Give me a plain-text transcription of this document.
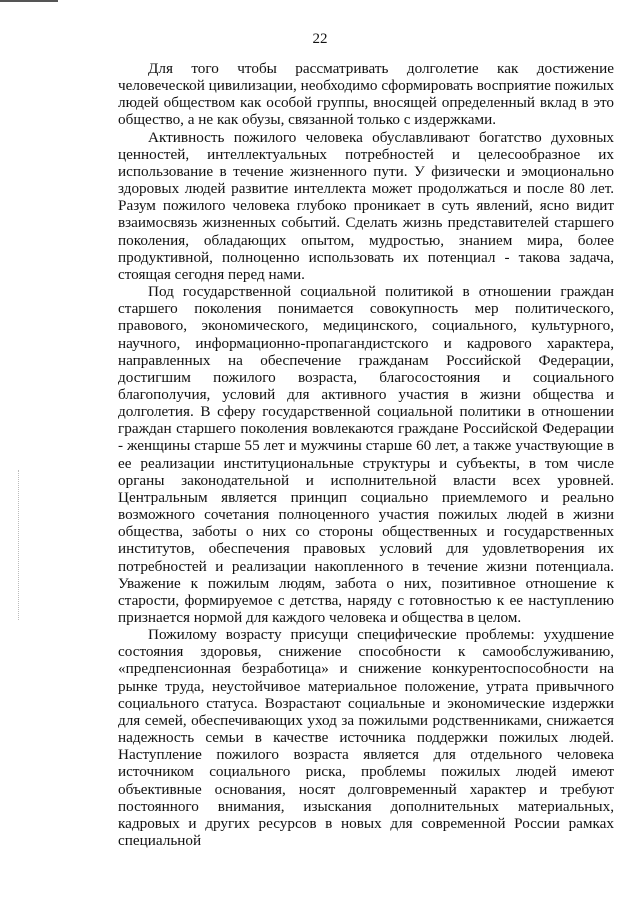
22

Для того чтобы рассматривать долголетие как достижение человеческой цивилизации, необходимо сформировать восприятие пожилых людей обществом как особой группы, вносящей определенный вклад в это общество, а не как обузы, связанной только с издержками.

Активность пожилого человека обуславливают богатство духовных ценностей, интеллектуальных потребностей и целесообразное их использование в течение жизненного пути. У физически и эмоционально здоровых людей развитие интеллекта может продолжаться и после 80 лет. Разум пожилого человека глубоко проникает в суть явлений, ясно видит взаимосвязь жизненных событий. Сделать жизнь представителей старшего поколения, обладающих опытом, мудростью, знанием мира, более продуктивной, полноценно использовать их потенциал - такова задача, стоящая сегодня перед нами.

Под государственной социальной политикой в отношении граждан старшего поколения понимается совокупность мер политического, правового, экономического, медицинского, социального, культурного, научного, информационно-пропагандистского и кадрового характера, направленных на обеспечение гражданам Российской Федерации, достигшим пожилого возраста, благосостояния и социального благополучия, условий для активного участия в жизни общества и долголетия. В сферу государственной социальной политики в отношении граждан старшего поколения вовлекаются граждане Российской Федерации - женщины старше 55 лет и мужчины старше 60 лет, а также участвующие в ее реализации институциональные структуры и субъекты, в том числе органы законодательной и исполнительной власти всех уровней. Центральным является принцип социально приемлемого и реально возможного сочетания полноценного участия пожилых людей в жизни общества, заботы о них со стороны общественных и государственных институтов, обеспечения правовых условий для удовлетворения их потребностей и реализации накопленного в течение жизни потенциала. Уважение к пожилым людям, забота о них, позитивное отношение к старости, формируемое с детства, наряду с готовностью к ее наступлению признается нормой для каждого человека и общества в целом.

Пожилому возрасту присущи специфические проблемы: ухудшение состояния здоровья, снижение способности к самообслуживанию, «предпенсионная безработица» и снижение конкурентоспособности на рынке труда, неустойчивое материальное положение, утрата привычного социального статуса. Возрастают социальные и экономические издержки для семей, обеспечивающих уход за пожилыми родственниками, снижается надежность семьи в качестве источника поддержки пожилых людей. Наступление пожилого возраста является для отдельного человека источником социального риска, проблемы пожилых людей имеют объективные основания, носят долговременный характер и требуют постоянного внимания, изыскания дополнительных материальных, кадровых и других ресурсов в новых для современной России рамках специальной
